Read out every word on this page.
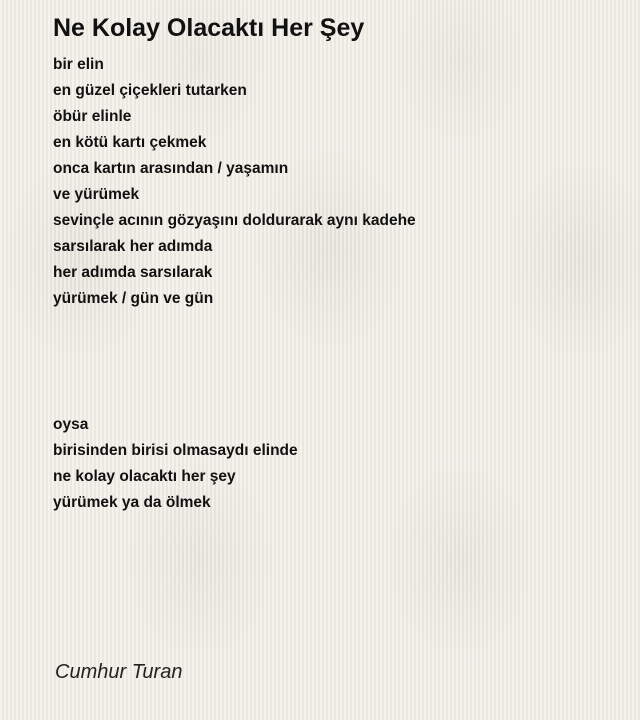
Ne Kolay Olacaktı Her Şey

bir elin
en güzel çiçekleri tutarken
öbür elinle
en kötü kartı çekmek
onca kartın arasından / yaşamın
ve yürümek
sevinçle acının gözyaşını doldurarak aynı kadehe
sarsılarak her adımda
her adımda sarsılarak
yürümek / gün ve gün

oysa
birisinden birisi olmasaydı elinde
ne kolay olacaktı her şey
yürümek ya da ölmek

Cumhur Turan
